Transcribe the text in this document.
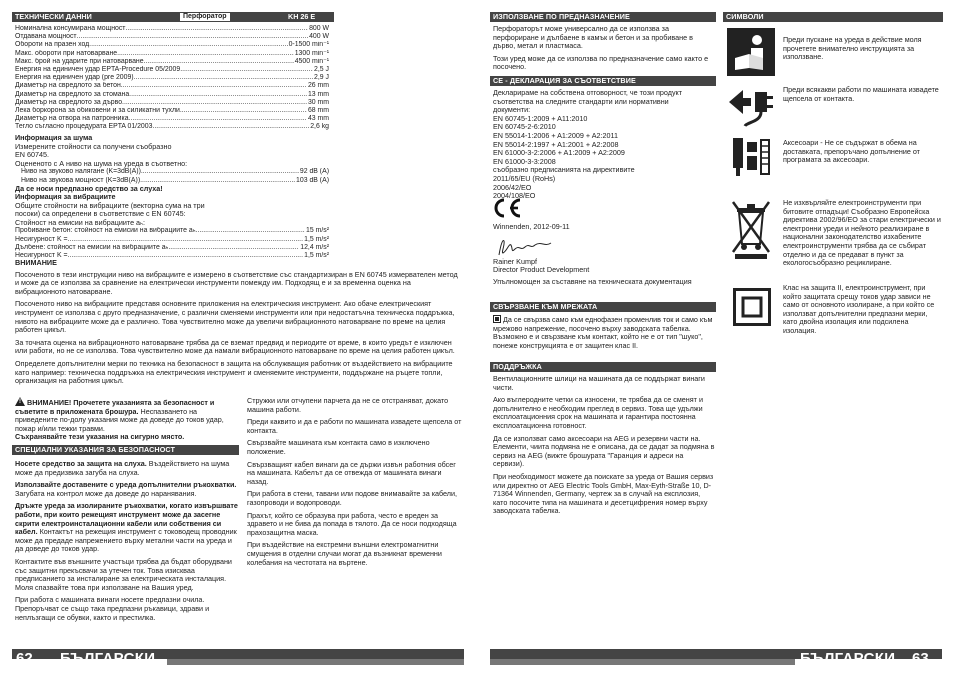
ТЕХНИЧЕСКИ ДАННИ	Перфоратор	KH 26 E
Номинална консумирана мощност .....	800 W
Отдавана мощност .....	400 W
Обороти на празен ход .....	0-1500 min⁻¹
Макс. обороти при натоварване .....	1300 min⁻¹
Макс. брой на ударите при натоварване .....	4500 min⁻¹
Енергия на единичен удар EPTA-Procedure 05/2009 .....	2,5 J
Енергия на единичен удар (pre 2009) .....	2,9 J
Диаметър на свредлото за бетон .....	26 mm
Диаметър на свредлото за стомана .....	13 mm
Диаметър на свредлото за дърво .....	30 mm
Лека боркорона за обиковени и за силикатни тухли .....	68 mm
Диаметър на отвора на патронника .....	43 mm
Тегло съгласно процедурата EPTA 01/2003 .....	2,6 kg

Информация за шума

Измерените стойности са получени съобразно

EN 60745.

Оцененото с А ниво на шума на уреда в съответно:

Ниво на звуково налягане (K=3dB(A)) .....	92 dB (A)
Ниво на звукова мощност (K=3dB(A)) .....	103 dB (A)

Да се носи предпазно средство за слуха!

Информация за вибрациите

Общите стойности на вибрациите (векторна сума на три

посоки) са определени в съответствие с EN 60745:

Стойност на емисии на вибрациите aₕ:

Пробиване бетон: стойност на емисии на вибрациите aₕ .....	15 m/s²
Несигурност K = .....	1,5 m/s²
Дълбене: стойност на емисии на вибрациите aₕ .....	12,4 m/s²
Несигурност K = .....	1,5 m/s²

ВНИМАНИЕ

Посоченото в тези инструкции ниво на вибрациите е измерено в съответствие със стандартизиран в EN 60745 измервателен метод и може да се използва за сравнение на електрически инструменти помежду им. Подходящ е и за временна оценка на вибрационното натоварване.

Посоченото ниво на вибрациите представя основните приложения на електрическия инструмент. Ако обаче електрическият инструмент се използва с друго предназначение, с различни сменяеми инструменти или при недостатъчна техническа поддръжка, нивото на вибрациите може да е различно. Това чувствително може да увеличи вибрационното натоварване по време на целия работен цикъл.

За точната оценка на вибрационното натоварване трябва да се вземат предвид и периодите от време, в които уредът е изключен или работи, но не се използва. Това чувствително може да намали вибрационното натоварване по време на целия работен цикъл.

Определете допълнителни мерки по техника на безопасност в защита на обслужващия работник от въздействието на вибрациите като например: техническа поддръжка на електрическия инструмент и сменяемите инструменти, поддържане на ръцете топли, организация на работния цикъл.

! ВНИМАНИЕ! Прочетете указанията за безопасност и съветите в приложената брошура. Неспазването на приведените по-долу указания може да доведе до токов удар, пожар и/или тежки травми.

Съхранявайте тези указания на сигурно място.

СПЕЦИАЛНИ УКАЗАНИЯ ЗА БЕЗОПАСНОСТ

Носете средство за защита на слуха. Въздействието на шума може да предизвика загуба на слуха.

Използвайте доставените с уреда допълнителни ръкохватки. Загубата на контрол може да доведе до наранявания.

Дръжте уреда за изолираните ръкохватки, когато извършвате работи, при които режещият инструмент може да засегне скрити електроинсталационни кабели или собствения си кабел. Контактът на режещия инструмент с тоководещ проводник може да предаде напрежението върху метални части на уреда и да доведе до токов удар.

Контактите във външните участъци трябва да бъдат оборудвани със защитни прекъсвачи за утечен ток. Това изискваа предписанието за инсталиране за електрическата инсталация. Моля спазвайте това при използване на Вашия уред.

При работа с машината винаги носете предпазни очила. Препоръчват се също така предпазни ръкавици, здрави и неплъзгащи се обувки, както и престилка.

Стружки или отчупени парчета да не се отстраняват, докато машина работи.

Преди каквито и да е работи по машината извадете щепсела от контакта.

Свързвайте машината към контакта само в изключено положение.

Свързващият кабел винаги да се държи извън работния обсег на машината. Кабелът да се отвежда от машината винаги назад.

При работа в стени, тавани или подове внимавайте за кабели, газопроводи и водопроводи.

Прахът, който се образува при работа, често е вреден за здравето и не бива да попада в тялото. Да се носи подходяща прахозащитна маска.

При въздействие на екстремни външни електромагнитни смущения в отделни случаи могат да възникнат временни колебания на честотата на въртене.

62 БЪЛГАРСКИ
ИЗПОЛЗВАНЕ ПО ПРЕДНАЗНАЧЕНИЕ

Перфораторът може универсално да се използва за перфориране и дълбаене в камък и бетон и за пробиване в дърво, метал и пластмаса.

Този уред може да се използва по предназначение само както е посочено.

CE - ДЕКЛАРАЦИЯ ЗА СЪОТВЕТСТВИЕ

Декларираме на собствена отговорност, че този продукт

съответства на следните стандарти или нормативни

документи:

EN 60745-1:2009 + A11:2010

EN 60745-2-6:2010

EN 55014-1:2006 + A1:2009 + A2:2011

EN 55014-2:1997 + A1:2001 + A2:2008

EN 61000-3-2:2006 + A1:2009 + A2:2009

EN 61000-3-3:2008

съобразно предписанията на директивите

2011/65/EU (RoHs)

2006/42/EO

2004/108/EO

Winnenden, 2012-09-11

Rainer Kumpf

Director Product Development

Упълномощен за съставяне на техническата документация

СВЪРЗВАНЕ КЪМ МРЕЖАТА

Да се свързва само към еднофазен променлив ток и само към мрежово напрежение, посочено върху заводската табелка. Възможно е и свързване към контакт, който не е от тип "шуко", понеже конструкцията е от защитен клас II.

ПОДДРЪЖКА

Вентилационните шлици на машината да се поддържат винаги чисти.

Ако въглеродните четки са износени, те трябва да се сменят и допълнително е необходим преглед в сервиз. Това ще удължи експлоатационния срок на машината и гарантира постоянна експлоатационна готовност.

Да се използват само аксесоари на AEG и резервни части на. Елементи, чиита подмяна не е описана, да се дадат за подмяна в сервиз на AEG (вижте брошурата "Гаранция и адреси на сервизи).

При необходимост можете да поискате за уреда от Вашия сервиз или директно от AEG Electric Tools GmbH, Max-Eyth-Straße 10, D-71364 Winnenden, Germany, чертеж за в случай на експлозия, като посочите типа на машината и десетцифрения номер върху заводската табелка.

СИМВОЛИ
Преди пускане на уреда в действие моля прочетете внимателно инструкцията за използване.
Преди всякакви работи по машината извадете щепсела от контакта.
Аксесоари - Не се съдържат в обема на доставката, препоръчано допълнение от програмата за аксесоари.
Не изхвърляйте електроинструменти при битовите отпадъци! Съобразно Европейска директива 2002/96/EO за стари електрически и електронни уреди и нейното реализиране в национални законодателство изхабените електроинструменти трябва да се събират отделно и да се предават в пункт за екологосъобразно рециклиране.
Клас на защита II, електроинструмент, при който защитата срещу токов удар зависи не само от основното изолиране, а при който се използват допълнителни предпазни мерки, като двойна изолация или подсилена изолация.
БЪЛГАРСКИ 63
